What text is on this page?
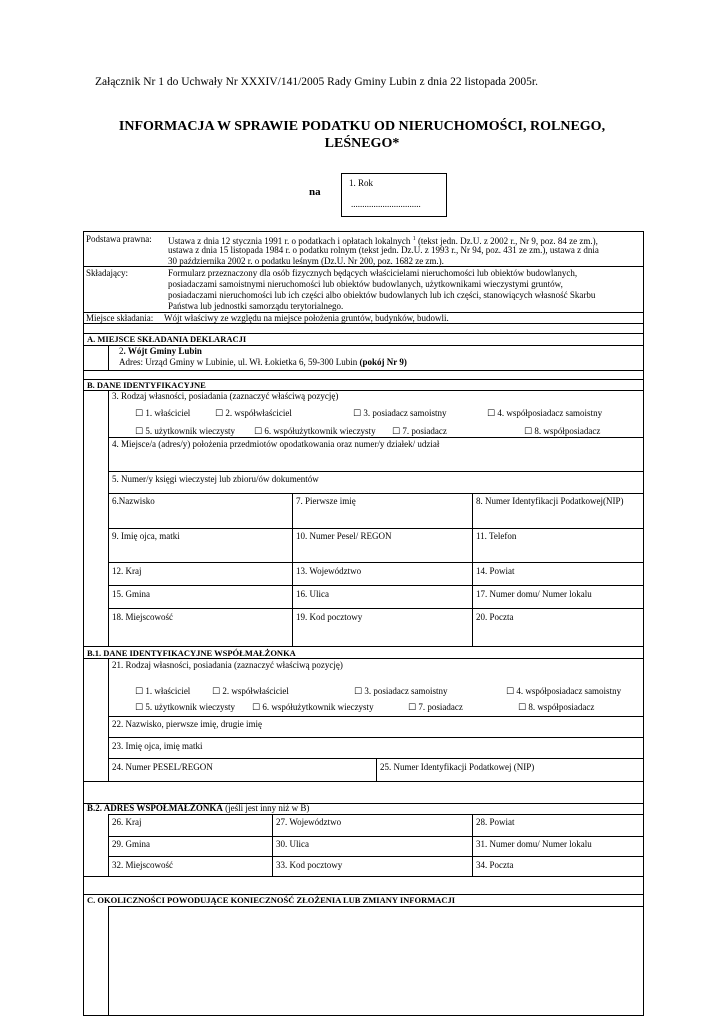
Załącznik Nr 1 do Uchwały Nr XXXIV/141/2005 Rady Gminy Lubin z dnia 22 listopada 2005r.
INFORMACJA W SPRAWIE PODATKU OD NIERUCHOMOŚCI, ROLNEGO,
LEŚNEGO*
na
1. Rok
...............................
Podstawa prawna: Ustawa z dnia 12 stycznia 1991 r. o podatkach i opłatach lokalnych $^1$ (tekst jedn. Dz.U. z 2002 r., Nr 9, poz. 84 ze zm.),
ustawa z dnia 15 listopada 1984 r. o podatku rolnym (tekst jedn. Dz.U. z 1993 r., Nr 94, poz. 431 ze zm.), ustawa z dnia
30 października 2002 r. o podatku leśnym (Dz.U. Nr 200, poz. 1682 ze zm.).
Składający:	Formularz przeznaczony dla osób fizycznych będących właścicielami nieruchomości lub obiektów budowlanych,
posiadaczami samoistnymi nieruchomości lub obiektów budowlanych, użytkownikami wieczystymi gruntów,
posiadaczami nieruchomości lub ich części albo obiektów budowlanych lub ich części, stanowiących własność Skarbu
Państwa lub jednostki samorządu terytorialnego.
Miejsce składania: Wójt właściwy ze względu na miejsce położenia gruntów, budynków, budowli.
A. MIEJSCE SKŁADANIA DEKLARACJI
2. Wójt Gminy Lubin
Adres: Urząd Gminy w Lubinie, ul. Wł. Łokietka 6, 59-300 Lubin (pokój Nr 9)
B. DANE IDENTYFIKACYJNE
3. Rodzaj własności, posiadania (zaznaczyć właściwą pozycję)
☐ 1. właściciel	☐ 2. współwłaściciel	☐ 3. posiadacz samoistny	☐ 4. współposiadacz samoistny
☐ 5. użytkownik wieczysty ☐ 6. współużytkownik wieczysty ☐ 7. posiadacz	☐ 8. współposiadacz
4. Miejsce/a (adres/y) położenia przedmiotów opodatkowania oraz numer/y działek/ udział
5. Numer/y księgi wieczystej lub zbioru/ów dokumentów
6.Nazwisko	7. Pierwsze imię	8. Numer Identyfikacji Podatkowej(NIP)
9. Imię ojca, matki	10. Numer Pesel/ REGON	11. Telefon
12. Kraj	13. Województwo	14. Powiat
15. Gmina	16. Ulica	17. Numer domu/ Numer lokalu
18. Miejscowość	19. Kod pocztowy	20. Poczta
B.1. DANE IDENTYFIKACYJNE WSPÓŁMAŁŻONKA
21. Rodzaj własności, posiadania (zaznaczyć właściwą pozycję)
☐ 1. właściciel ☐ 2. współwłaściciel	☐ 3. posiadacz samoistny	☐ 4. współposiadacz samoistny
☐ 5. użytkownik wieczysty ☐ 6. współużytkownik wieczysty	☐ 7. posiadacz	☐ 8. współposiadacz
22. Nazwisko, pierwsze imię, drugie imię
23. Imię ojca, imię matki
24. Numer PESEL/REGON	25. Numer Identyfikacji Podatkowej (NIP)
B.2. ADRES WSPOŁMAŁŻONKA (jeśli jest inny niż w B)
26. Kraj	27. Województwo	28. Powiat
29. Gmina	30. Ulica	31. Numer domu/ Numer lokalu
32. Miejscowość	33. Kod pocztowy	34. Poczta
C. OKOLICZNOŚCI POWODUJĄCE KONIECZNOŚĆ ZŁOŻENIA LUB ZMIANY INFORMACJI
